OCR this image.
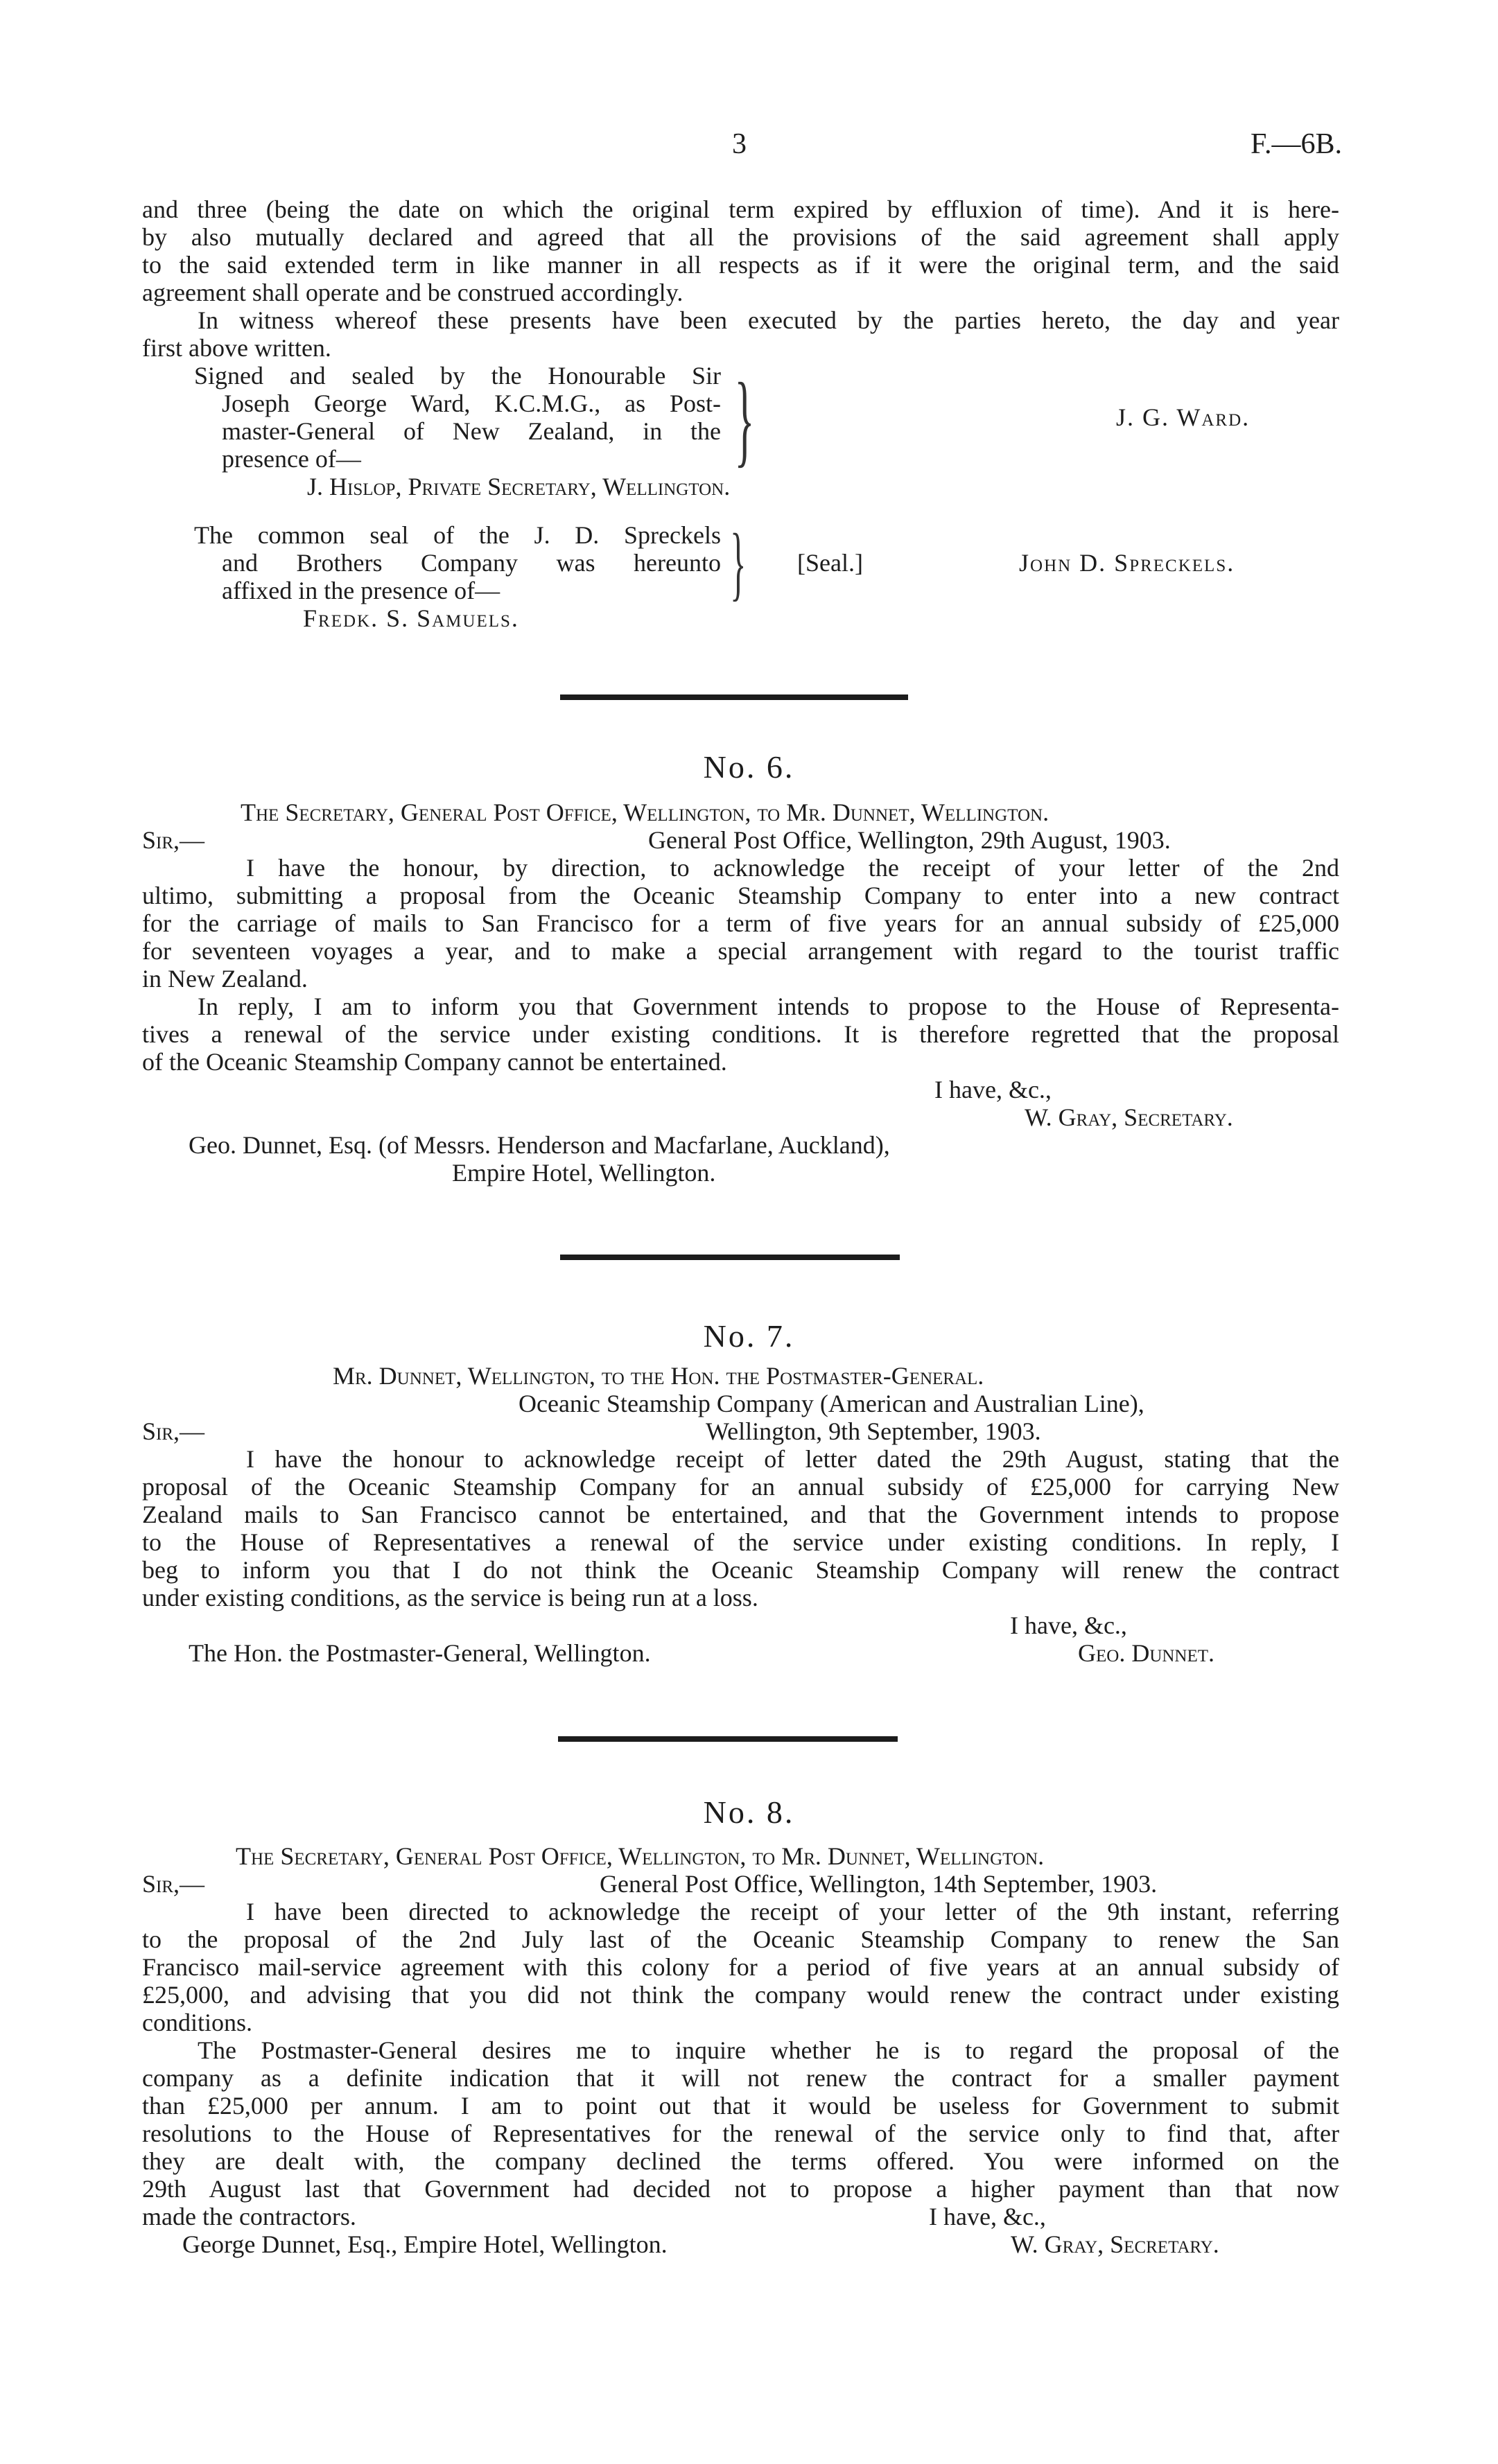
3	F.—6B.
and three (being the date on which the original term expired by effluxion of time). And it is here-
by also mutually declared and agreed that all the provisions of the said agreement shall apply
to the said extended term in like manner in all respects as if it were the original term, and the said
agreement shall operate and be construed accordingly.
In witness whereof these presents have been executed by the parties hereto, the day and year
first above written.
Signed and sealed by the Honourable Sir
Joseph George Ward, K.C.M.G., as Post-
master-General of New Zealand, in the
presence of—	}
J. Hislop, Private Secretary, Wellington.
J. G. Ward.
The common seal of the J. D. Spreckels
and Brothers Company was hereunto
affixed in the presence of—	}
Fredk. S. Samuels.
[Seal.]	John D. Spreckels.
No. 6.
The Secretary, General Post Office, Wellington, to Mr. Dunnet, Wellington.
Sir,—	General Post Office, Wellington, 29th August, 1903.
I have the honour, by direction, to acknowledge the receipt of your letter of the 2nd
ultimo, submitting a proposal from the Oceanic Steamship Company to enter into a new contract
for the carriage of mails to San Francisco for a term of five years for an annual subsidy of £25,000
for seventeen voyages a year, and to make a special arrangement with regard to the tourist traffic
in New Zealand.
In reply, I am to inform you that Government intends to propose to the House of Representa-
tives a renewal of the service under existing conditions. It is therefore regretted that the proposal
of the Oceanic Steamship Company cannot be entertained.
I have, &c.,
W. Gray, Secretary.
Geo. Dunnet, Esq. (of Messrs. Henderson and Macfarlane, Auckland),
Empire Hotel, Wellington.
No. 7.
Mr. Dunnet, Wellington, to the Hon. the Postmaster-General.
Oceanic Steamship Company (American and Australian Line),
Sir,—	Wellington, 9th September, 1903.
I have the honour to acknowledge receipt of letter dated the 29th August, stating that the
proposal of the Oceanic Steamship Company for an annual subsidy of £25,000 for carrying New
Zealand mails to San Francisco cannot be entertained, and that the Government intends to propose
to the House of Representatives a renewal of the service under existing conditions. In reply, I
beg to inform you that I do not think the Oceanic Steamship Company will renew the contract
under existing conditions, as the service is being run at a loss.
I have, &c.,
The Hon. the Postmaster-General, Wellington.	Geo. Dunnet.
No. 8.
The Secretary, General Post Office, Wellington, to Mr. Dunnet, Wellington.
Sir,—	General Post Office, Wellington, 14th September, 1903.
I have been directed to acknowledge the receipt of your letter of the 9th instant, referring
to the proposal of the 2nd July last of the Oceanic Steamship Company to renew the San
Francisco mail-service agreement with this colony for a period of five years at an annual subsidy of
£25,000, and advising that you did not think the company would renew the contract under existing
conditions.
The Postmaster-General desires me to inquire whether he is to regard the proposal of the
company as a definite indication that it will not renew the contract for a smaller payment
than £25,000 per annum. I am to point out that it would be useless for Government to submit
resolutions to the House of Representatives for the renewal of the service only to find that, after
they are dealt with, the company declined the terms offered. You were informed on the
29th August last that Government had decided not to propose a higher payment than that now
made the contractors.	I have, &c.,
George Dunnet, Esq., Empire Hotel, Wellington.	W. Gray, Secretary.
